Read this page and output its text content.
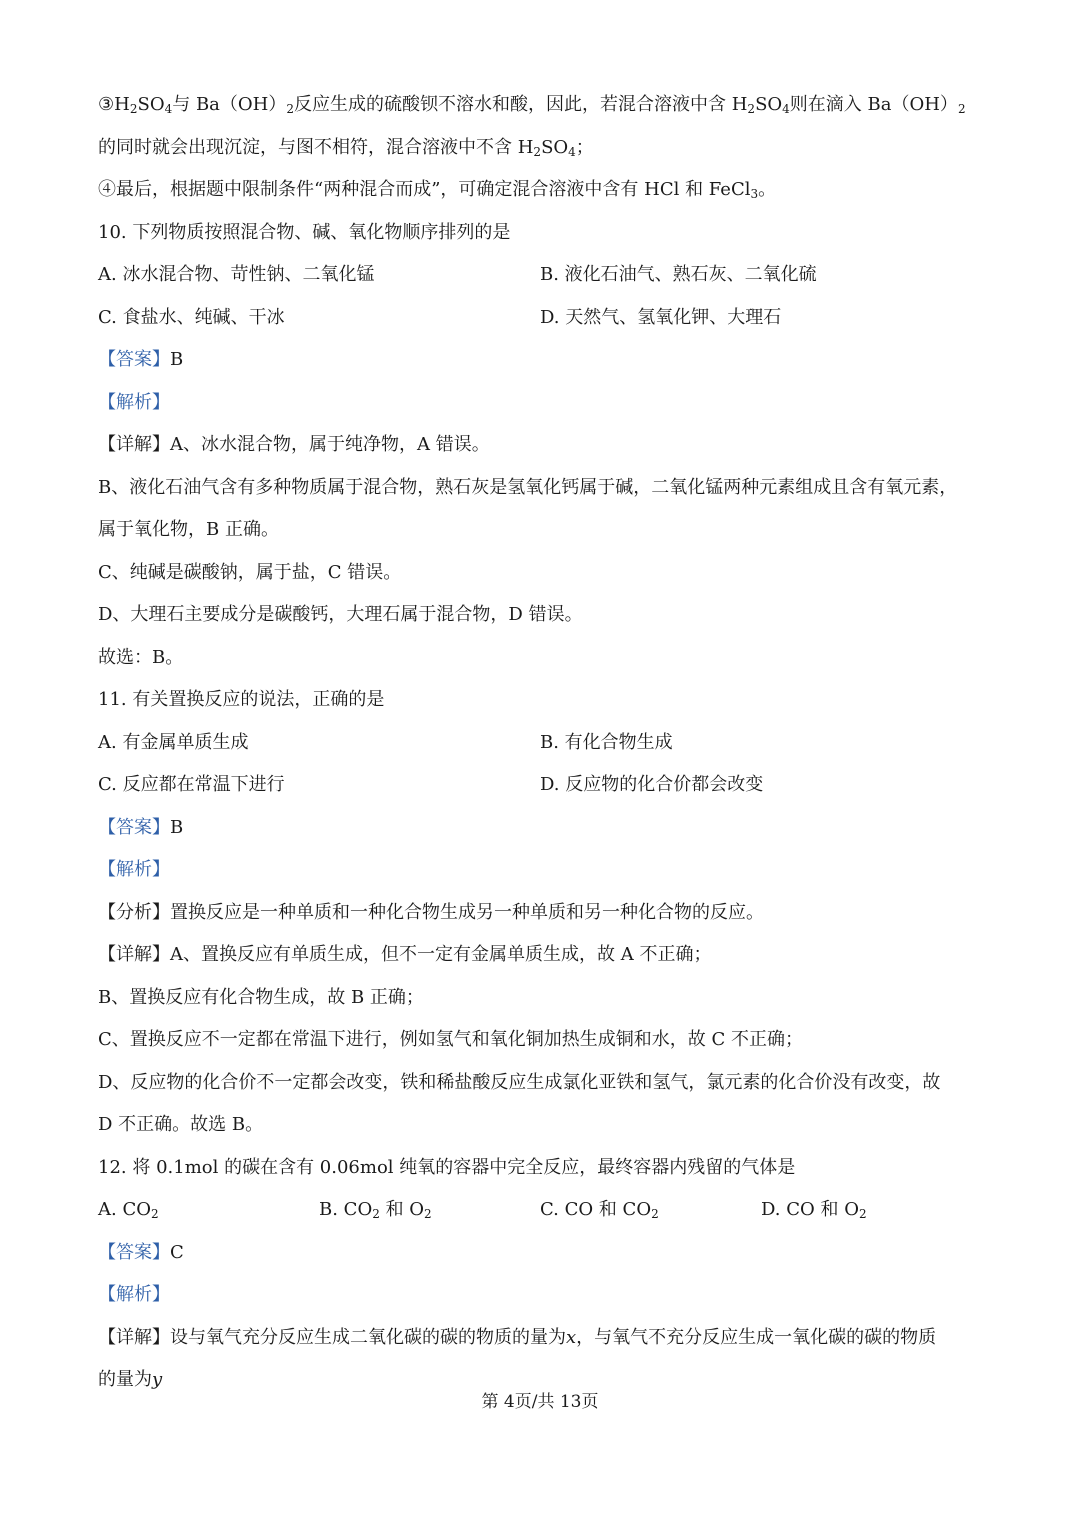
$③H_2SO_4$与 $Ba(OH)_2$反应生成的硫酸钡不溶水和酸，因此，若混合溶液中含 $H_2SO_4$则在滴入 $Ba(OH)_2$
的同时就会出现沉淀，与图不相符，混合溶液中不含 $H_2SO_4$；
④最后，根据题中限制条件“两种混合而成”，可确定混合溶液中含有 HCl 和 FeCl$_3$。
10. 下列物质按照混合物、碱、氧化物顺序排列的是
A. 冰水混合物、苛性钠、二氧化锰	B. 液化石油气、熟石灰、二氧化硫
C. 食盐水、纯碱、干冰	D. 天然气、氢氧化钾、大理石
【答案】B
【解析】
【详解】A、冰水混合物，属于纯净物，A 错误。
B、液化石油气含有多种物质属于混合物，熟石灰是氢氧化钙属于碱，二氧化锰两种元素组成且含有氧元素，
属于氧化物，B 正确。
C、纯碱是碳酸钠，属于盐，C 错误。
D、大理石主要成分是碳酸钙，大理石属于混合物，D 错误。
故选：B。
11. 有关置换反应的说法，正确的是
A. 有金属单质生成	B. 有化合物生成
C. 反应都在常温下进行	D. 反应物的化合价都会改变
【答案】B
【解析】
【分析】置换反应是一种单质和一种化合物生成另一种单质和另一种化合物的反应。
【详解】A、置换反应有单质生成，但不一定有金属单质生成，故 A 不正确；
B、置换反应有化合物生成，故 B 正确；
C、置换反应不一定都在常温下进行，例如氢气和氧化铜加热生成铜和水，故 C 不正确；
D、反应物的化合价不一定都会改变，铁和稀盐酸反应生成氯化亚铁和氢气，氯元素的化合价没有改变，故
D 不正确。故选 B。
12. 将 0.1mol 的碳在含有 0.06mol 纯氧的容器中完全反应，最终容器内残留的气体是
A. $CO_2$	B. $CO_2$ 和 $O_2$	C. CO 和 $CO_2$	D. CO 和 $O_2$
【答案】C
【解析】
【详解】设与氧气充分反应生成二氧化碳的碳的物质的量为x，与氧气不充分反应生成一氧化碳的碳的物质
的量为y
第 4页/共 13页
